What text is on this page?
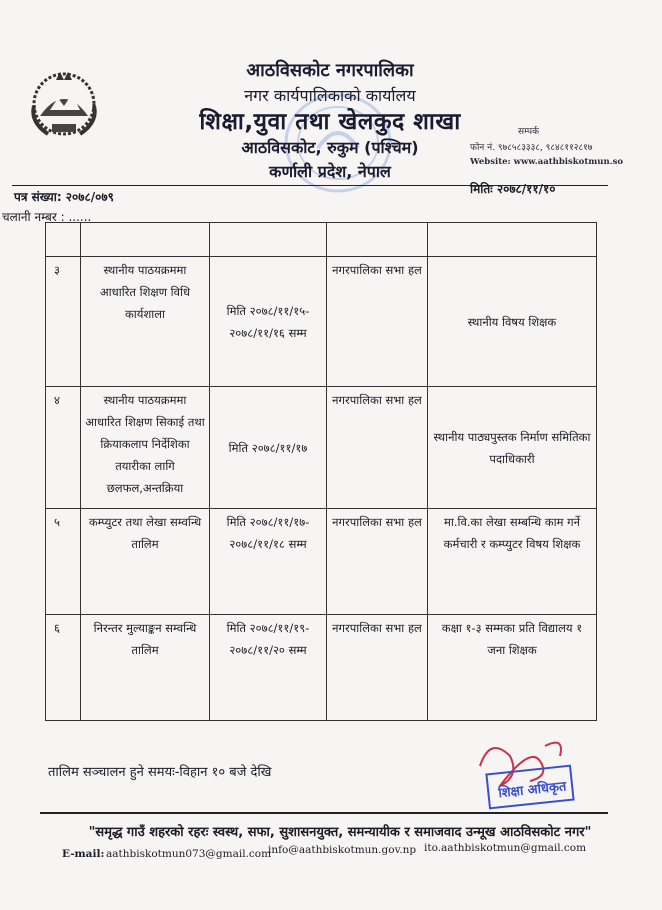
आठविसकोट नगरपालिका
नगर कार्यपालिकाको कार्यालय
शिक्षा,युवा तथा खेलकुद शाखा
आठविसकोट, रुकुम (पश्चिम)
कर्णाली प्रदेश, नेपाल
सम्पर्क
फोन नं. ९७८५८३३३८, ९८४८११२८१७
Website: www.aathbiskotmun.so
पत्र संख्या: २०७८/०७९
मितिः २०७८/११/१०
चलानी नम्बर : ......

३	स्थानीय पाठयक्रममा आधारित शिक्षण विधि कार्यशाला	मिति २०७८/११/१५- २०७८/११/१६ सम्म	नगरपालिका सभा हल	स्थानीय विषय शिक्षक
४	स्थानीय पाठयक्रममा आधारित शिक्षण सिकाई तथा क्रियाकलाप निर्देशिका तयारीका लागि छलफल,अन्तक्रिया	मिति २०७८/११/१७	नगरपालिका सभा हल	स्थानीय पाठ्यपुस्तक निर्माण समितिका पदाधिकारी
५	कम्प्युटर तथा लेखा सम्वन्धि तालिम	मिति २०७८/११/१७- २०७८/११/१८ सम्म	नगरपालिका सभा हल	मा.वि.का लेखा सम्बन्धि काम गर्ने कर्मचारी र कम्प्युटर विषय शिक्षक
६	निरन्तर मुल्याङ्कन सम्वन्धि तालिम	मिति २०७८/११/१९- २०७८/११/२० सम्म	नगरपालिका सभा हल	कक्षा १-३ सम्मका प्रति विद्यालय १ जना शिक्षक
तालिम सञ्चालन हुने समयः-विहान १० बजे देखि
शिक्षा अधिकृत
"समृद्ध गाउँ शहरको रहरः स्वस्थ, सफा, सुशासनयुक्त, समन्यायीक र समाजवाद उन्मूख आठविसकोट नगर"
E-mail: aathbiskotmun073@gmail.com
info@aathbiskotmun.gov.np ito.aathbiskotmun@gmail.com
